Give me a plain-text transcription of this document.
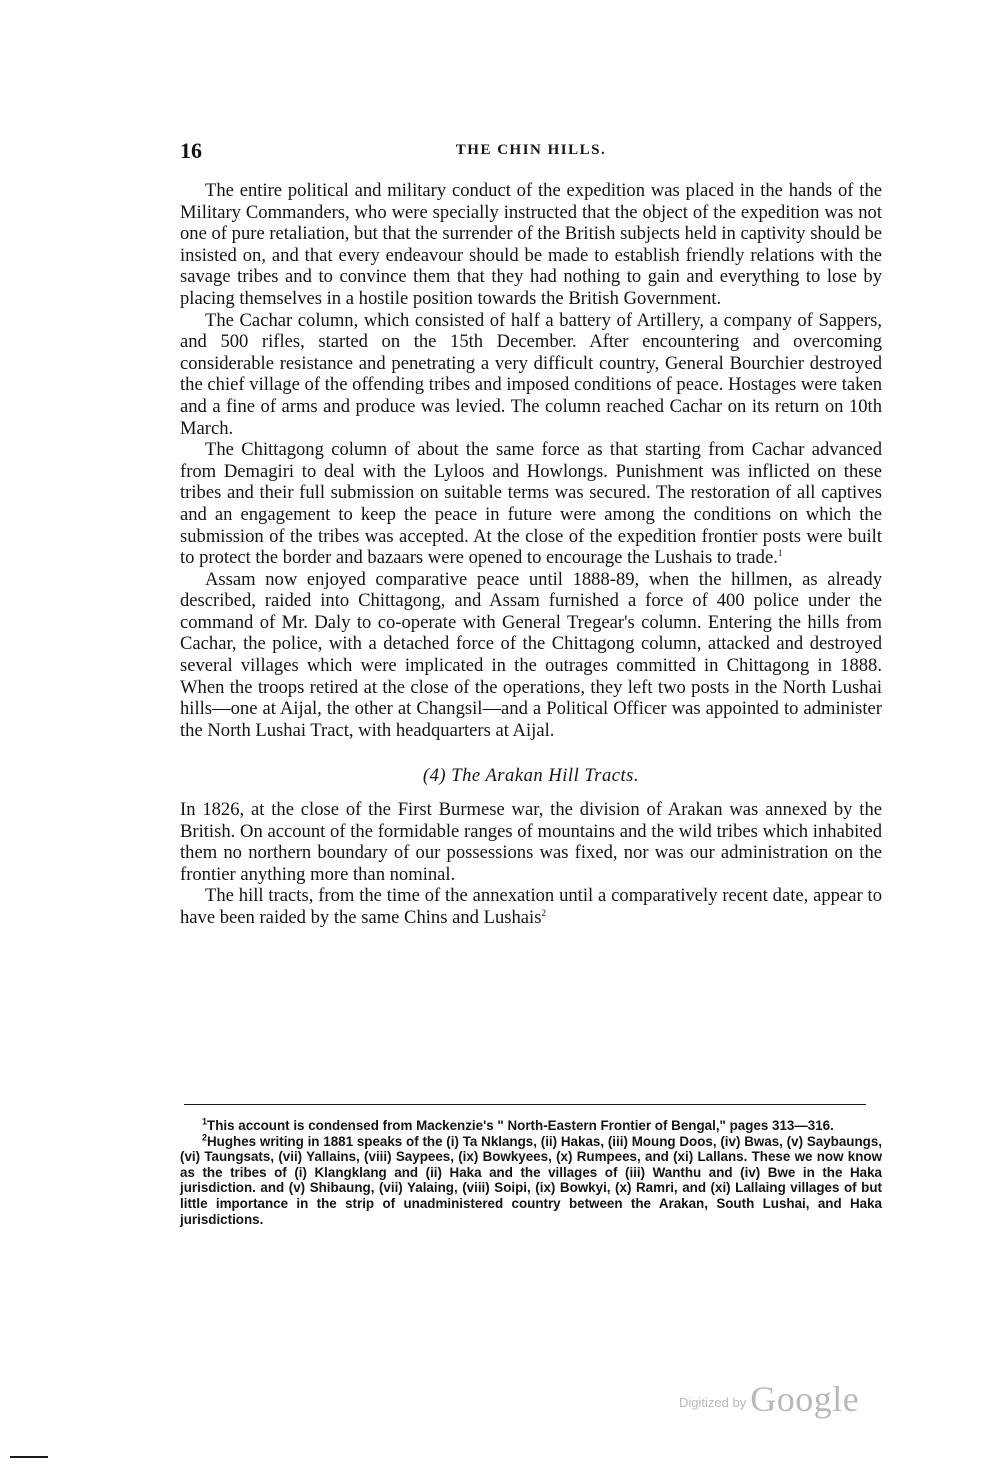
16	THE CHIN HILLS.

The entire political and military conduct of the expedition was placed in the hands of the Military Commanders, who were specially instructed that the object of the expedition was not one of pure retaliation, but that the surrender of the British subjects held in captivity should be insisted on, and that every endeavour should be made to establish friendly relations with the savage tribes and to convince them that they had nothing to gain and everything to lose by placing themselves in a hostile position towards the British Government.

The Cachar column, which consisted of half a battery of Artillery, a company of Sappers, and 500 rifles, started on the 15th December. After encountering and overcoming considerable resistance and penetrating a very difficult country, General Bourchier destroyed the chief village of the offending tribes and imposed conditions of peace. Hostages were taken and a fine of arms and produce was levied. The column reached Cachar on its return on 10th March.

The Chittagong column of about the same force as that starting from Cachar advanced from Demagiri to deal with the Lyloos and Howlongs. Punishment was inflicted on these tribes and their full submission on suitable terms was secured. The restoration of all captives and an engagement to keep the peace in future were among the conditions on which the submission of the tribes was accepted. At the close of the expedition frontier posts were built to protect the border and bazaars were opened to encourage the Lushais to trade.$^1$

Assam now enjoyed comparative peace until 1888-89, when the hillmen, as already described, raided into Chittagong, and Assam furnished a force of 400 police under the command of Mr. Daly to co-operate with General Tregear's column. Entering the hills from Cachar, the police, with a detached force of the Chittagong column, attacked and destroyed several villages which were implicated in the outrages committed in Chittagong in 1888. When the troops retired at the close of the operations, they left two posts in the North Lushai hills—one at Aijal, the other at Changsil—and a Political Officer was appointed to administer the North Lushai Tract, with headquarters at Aijal.

(4) The Arakan Hill Tracts.

In 1826, at the close of the First Burmese war, the division of Arakan was annexed by the British. On account of the formidable ranges of mountains and the wild tribes which inhabited them no northern boundary of our possessions was fixed, nor was our administration on the frontier anything more than nominal.

The hill tracts, from the time of the annexation until a comparatively recent date, appear to have been raided by the same Chins and Lushais$^2$

$^1$This account is condensed from Mackenzie's " North-Eastern Frontier of Bengal," pages 313—316.

$^2$Hughes writing in 1881 speaks of the (i) Ta Nklangs, (ii) Hakas, (iii) Moung Doos, (iv) Bwas, (v) Saybaungs, (vi) Taungsats, (vii) Yallains, (viii) Saypees, (ix) Bowkyees, (x) Rumpees, and (xi) Lallans. These we now know as the tribes of (i) Klangklang and (ii) Haka and the villages of (iii) Wanthu and (iv) Bwe in the Haka jurisdiction. and (v) Shibaung, (vii) Yalaing, (viii) Soipi, (ix) Bowkyi, (x) Ramri, and (xi) Lallaing villages of but little importance in the strip of unadministered country between the Arakan, South Lushai, and Haka jurisdictions.

$^{Digitized by}$ Google
